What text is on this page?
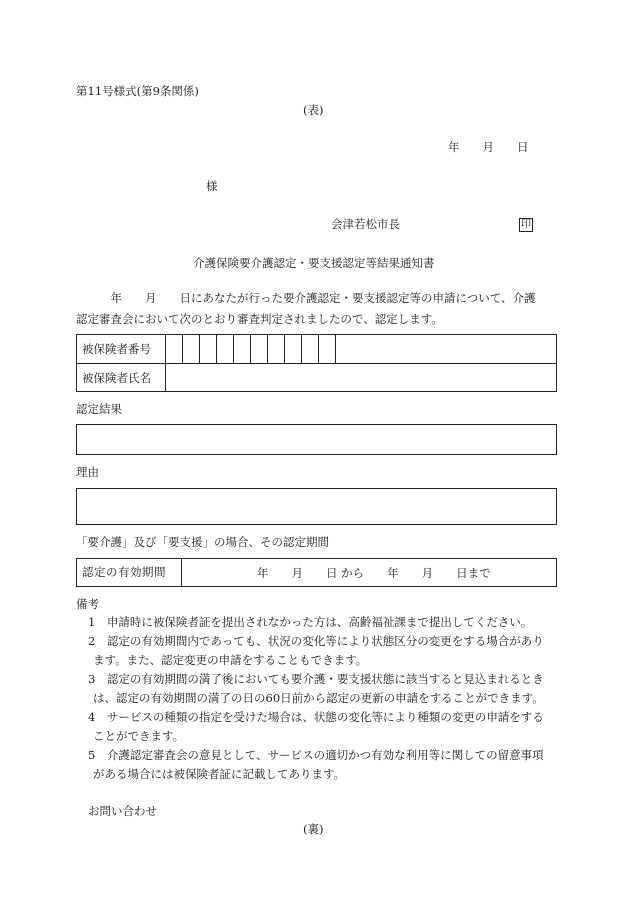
第11号様式(第9条関係)
(表)
年　　月　　日
様
会津若松市長	印
介護保険要介護認定・要支援認定等結果通知書
　　　年　　月　　日にあなたが行った要介護認定・要支援認定等の申請について、介護
認定審査会において次のとおり審査判定されましたので、認定します。
被保険者番号	

被保険者氏名	
認定結果
理由
「要介護」及び「要支援」の場合、その認定期間
認定の有効期間	年　　月　　日 から　　年　　月　　日まで
備考
1　申請時に被保険者証を提出されなかった方は、高齢福祉課まで提出してください。
2　認定の有効期間内であっても、状況の変化等により状態区分の変更をする場合があり
ます。また、認定変更の申請をすることもできます。
3　認定の有効期間の満了後においても要介護・要支援状態に該当すると見込まれるとき
は、認定の有効期間の満了の日の60日前から認定の更新の申請をすることができます。
4　サービスの種類の指定を受けた場合は、状態の変化等により種類の変更の申請をする
ことができます。
5　介護認定審査会の意見として、サービスの適切かつ有効な利用等に関しての留意事項
がある場合には被保険者証に記載してあります。
お問い合わせ
(裏)
